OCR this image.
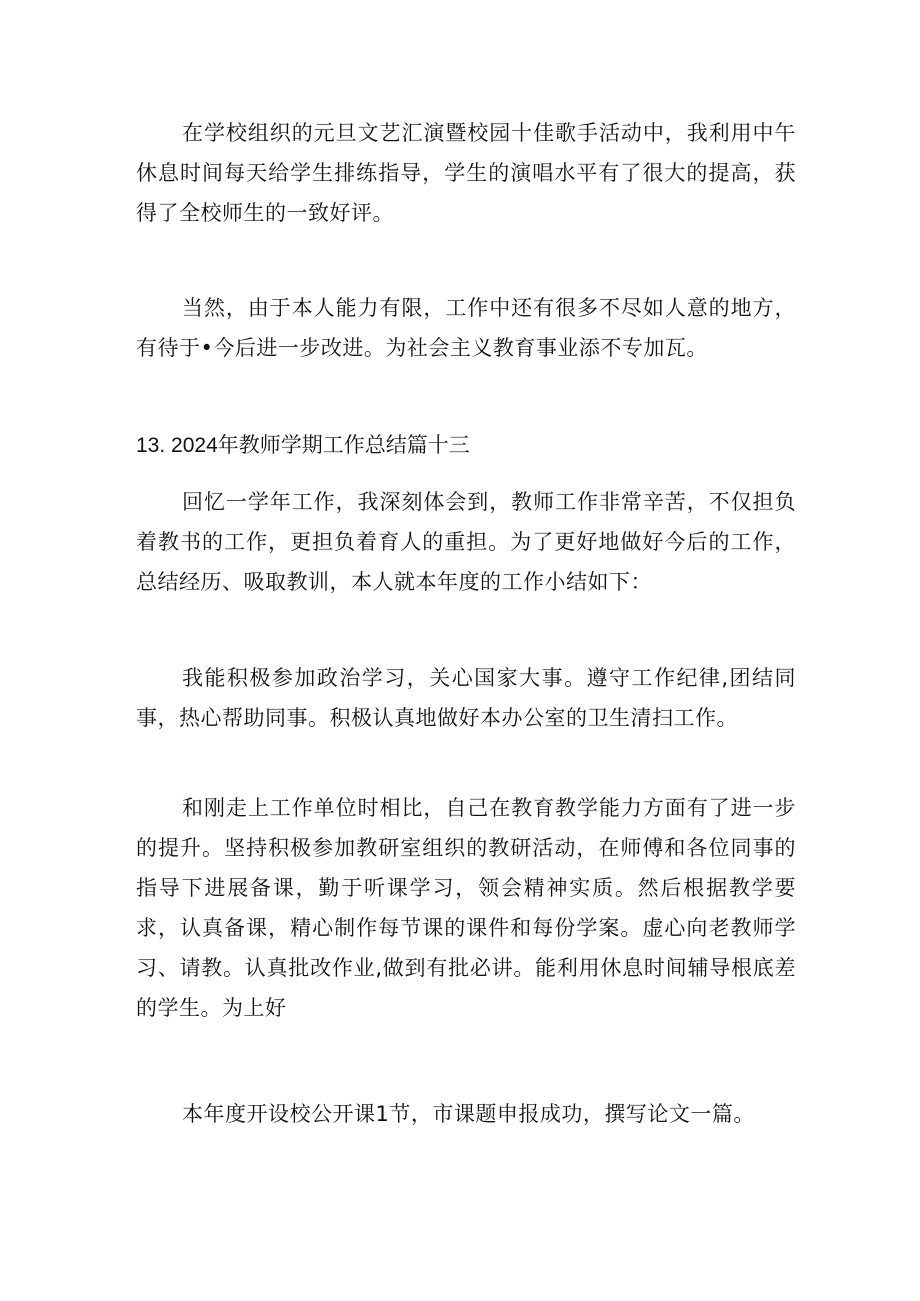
在学校组织的元旦文艺汇演暨校园十佳歌手活动中，我利用中午休息时间每天给学生排练指导，学生的演唱水平有了很大的提高，获得了全校师生的一致好评。

当然，由于本人能力有限，工作中还有很多不尽如人意的地方，有待于•今后进一步改进。为社会主义教育事业添不专加瓦。

13. 2024年教师学期工作总结篇十三

回忆一学年工作，我深刻体会到，教师工作非常辛苦，不仅担负着教书的工作，更担负着育人的重担。为了更好地做好今后的工作，总结经历、吸取教训，本人就本年度的工作小结如下：

我能积极参加政治学习，关心国家大事。遵守工作纪律,团结同事，热心帮助同事。积极认真地做好本办公室的卫生清扫工作。

和刚走上工作单位时相比，自己在教育教学能力方面有了进一步的提升。坚持积极参加教研室组织的教研活动，在师傅和各位同事的指导下进展备课，勤于听课学习，领会精神实质。然后根据教学要求，认真备课，精心制作每节课的课件和每份学案。虚心向老教师学习、请教。认真批改作业,做到有批必讲。能利用休息时间辅导根底差的学生。为上好

本年度开设校公开课1节，市课题申报成功，撰写论文一篇。
